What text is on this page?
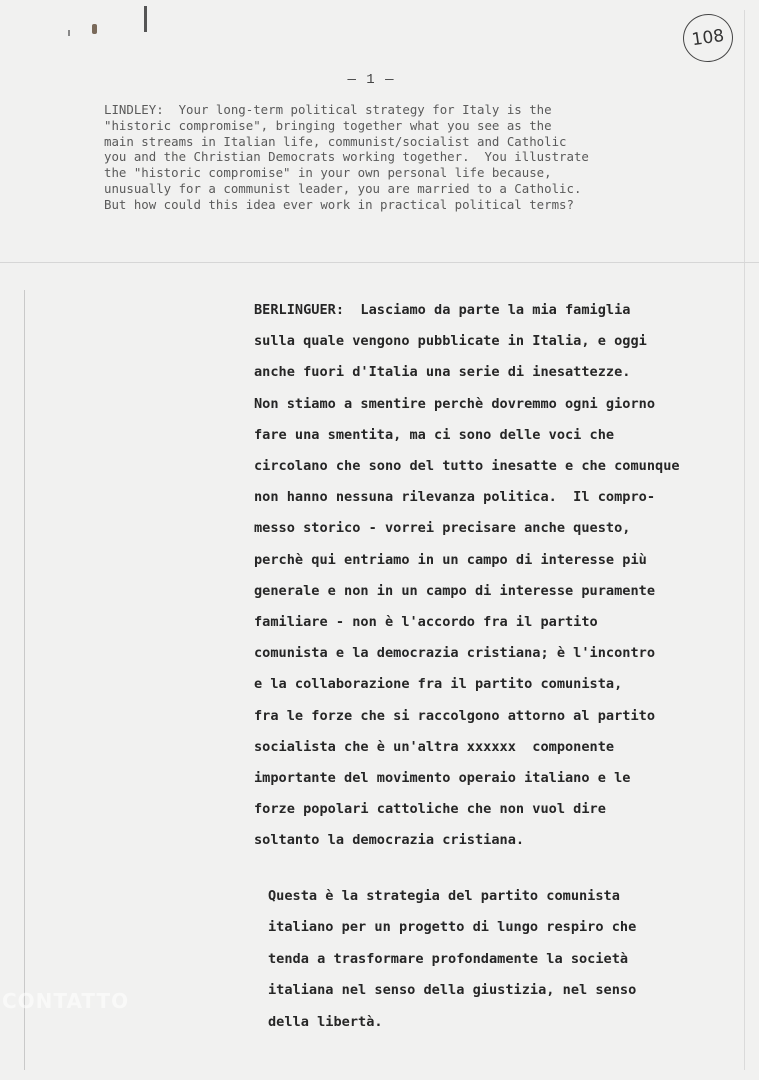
108
— 1 —
LINDLEY:  Your long-term political strategy for Italy is the
"historic compromise", bringing together what you see as the
main streams in Italian life, communist/socialist and Catholic
you and the Christian Democrats working together.  You illustrate
the "historic compromise" in your own personal life because,
unusually for a communist leader, you are married to a Catholic.
But how could this idea ever work in practical political terms?
BERLINGUER:  Lasciamo da parte la mia famiglia
sulla quale vengono pubblicate in Italia, e oggi
anche fuori d'Italia una serie di inesattezze.
Non stiamo a smentire perchè dovremmo ogni giorno
fare una smentita, ma ci sono delle voci che
circolano che sono del tutto inesatte e che comunque
non hanno nessuna rilevanza politica.  Il compro-
messo storico - vorrei precisare anche questo,
perchè qui entriamo in un campo di interesse più
generale e non in un campo di interesse puramente
familiare - non è l'accordo fra il partito
comunista e la democrazia cristiana; è l'incontro
e la collaborazione fra il partito comunista,
fra le forze che si raccolgono attorno al partito
socialista che è un'altra xxxxxx  componente
importante del movimento operaio italiano e le
forze popolari cattoliche che non vuol dire
soltanto la democrazia cristiana.
Questa è la strategia del partito comunista
italiano per un progetto di lungo respiro che
tenda a trasformare profondamente la società
italiana nel senso della giustizia, nel senso
della libertà.
CONTATTO
